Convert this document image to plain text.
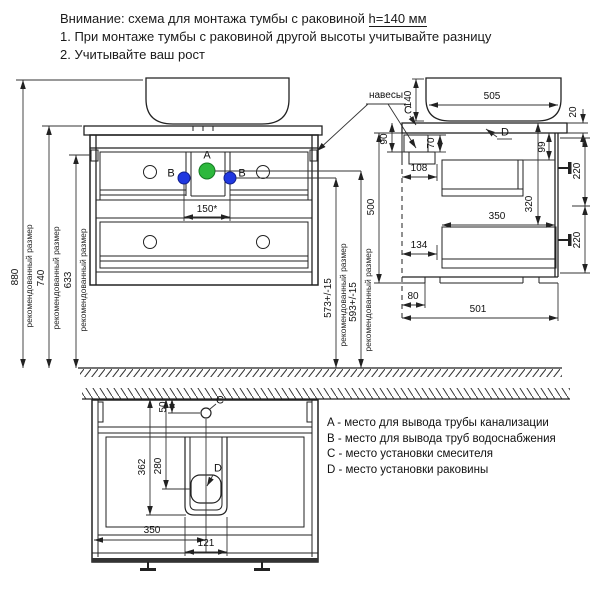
Внимание: схема для монтажа тумбы с раковиной h=140 мм
1. При монтаже тумбы с раковиной другой высоты учитывайте разницу
2. Учитывайте ваш рост
880 рекомендованный размер 740 рекомендованный размер 633 рекомендованный размер	573+/-15 рекомендованный размер 593+/-15 рекомендованный размер
500
навесы
A
B	B
150*
505
140
C	20
90	70
108
D
99
220
220
320
350
134
80
501
50
C
362 280	D
350
121
A - место для вывода трубы канализации
B - место для вывода труб водоснабжения
C - место установки смесителя
D - место установки раковины
